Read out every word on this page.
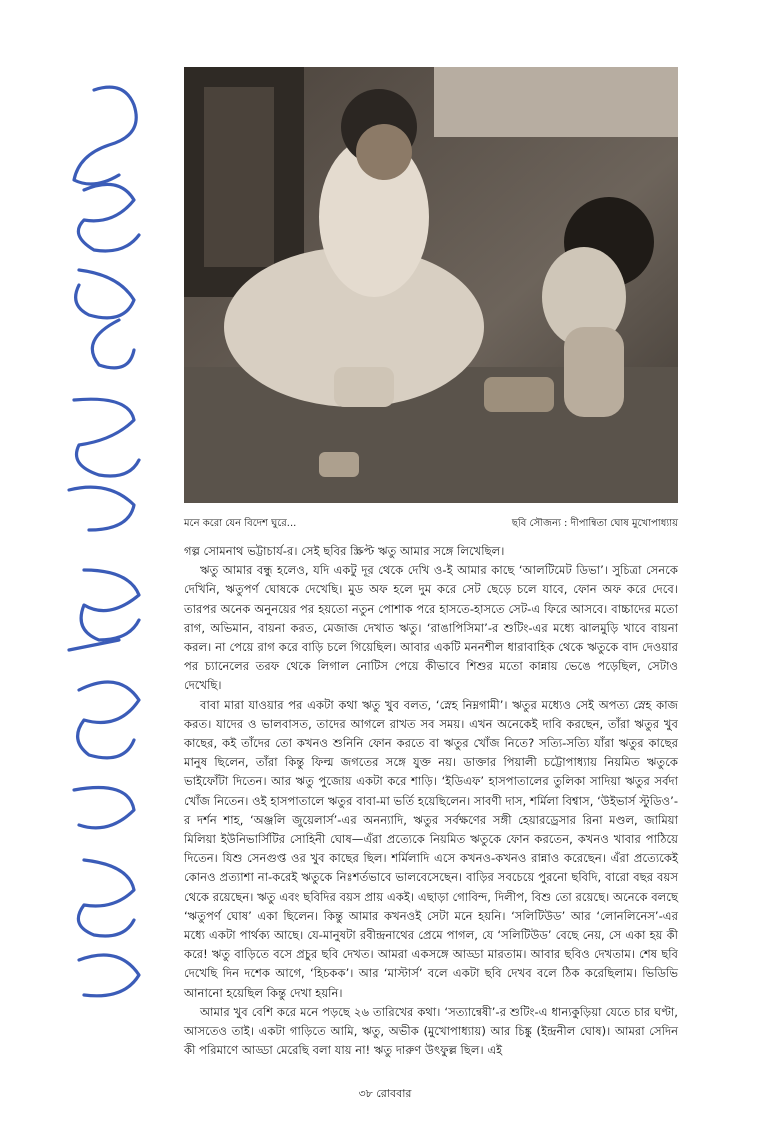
ঋতু সব সময় তুই এক তিন বিদেশে, তবে সত্যি তাম
মনে করো যেন বিদেশ ঘুরে...	ছবি সৌজন্য : দীপান্বিতা ঘোষ মুখোপাধ্যায়

গল্প সোমনাথ ভট্টাচার্য-র। সেই ছবির স্ক্রিপ্ট ঋতু আমার সঙ্গে লিখেছিল।

ঋতু আমার বন্ধু হলেও, যদি একটু দূর থেকে দেখি ও-ই আমার কাছে ‘আলটিমেট ডিভা’। সুচিত্রা সেনকে দেখিনি, ঋতুপর্ণ ঘোষকে দেখেছি। মুড অফ হলে দুম করে সেট ছেড়ে চলে যাবে, ফোন অফ করে দেবে। তারপর অনেক অনুনয়ের পর হয়তো নতুন পোশাক পরে হাসতে-হাসতে সেট-এ ফিরে আসবে। বাচ্চাদের মতো রাগ, অভিমান, বায়না করত, মেজাজ দেখাত ঋতু। ‘রাঙাপিসিমা’-র শুটিং-এর মধ্যে ঝালমুড়ি খাবে বায়না করল। না পেয়ে রাগ করে বাড়ি চলে গিয়েছিল। আবার একটি মননশীল ধারাবাহিক থেকে ঋতুকে বাদ দেওয়ার পর চ্যানেলের তরফ থেকে লিগাল নোটিস পেয়ে কীভাবে শিশুর মতো কান্নায় ভেঙে পড়েছিল, সেটাও দেখেছি।

বাবা মারা যাওয়ার পর একটা কথা ঋতু খুব বলত, ‘স্নেহ নিম্নগামী’। ঋতুর মধ্যেও সেই অপত্য স্নেহ কাজ করত। যাদের ও ভালবাসত, তাদের আগলে রাখত সব সময়। এখন অনেকেই দাবি করছেন, তাঁরা ঋতুর খুব কাছের, কই তাঁদের তো কখনও শুনিনি ফোন করতে বা ঋতুর খোঁজ নিতে? সত্যি-সত্যি যাঁরা ঋতুর কাছের মানুষ ছিলেন, তাঁরা কিন্তু ফিল্ম জগতের সঙ্গে যুক্ত নয়। ডাক্তার পিয়ালী চট্টোপাধ্যায় নিয়মিত ঋতুকে ভাইফোঁটা দিতেন। আর ঋতু পুজোয় একটা করে শাড়ি। ‘ইডিএফ’ হাসপাতালের তুলিকা সাদিয়া ঋতুর সর্বদা খোঁজ নিতেন। ওই হাসপাতালে ঋতুর বাবা-মা ভর্তি হয়েছিলেন। সাবণী দাস, শর্মিলা বিশ্বাস, ‘উইভার্স স্টুডিও’-র দর্শন শাহ, ‘অঞ্জলি জুয়েলার্স’-এর অনন্যাদি, ঋতুর সর্বক্ষণের সঙ্গী হেয়ারড্রেসার রিনা মণ্ডল, জামিয়া মিলিয়া ইউনিভার্সিটির সোহিনী ঘোষ—এঁরা প্রত্যেকে নিয়মিত ঋতুকে ফোন করতেন, কখনও খাবার পাঠিয়ে দিতেন। যিশু সেনগুপ্ত ওর খুব কাছের ছিল। শর্মিলাদি এসে কখনও-কখনও রান্নাও করেছেন। এঁরা প্রত্যেকেই কোনও প্রত্যাশা না-করেই ঋতুকে নিঃশর্তভাবে ভালবেসেছেন। বাড়ির সবচেয়ে পুরনো ছবিদি, বারো বছর বয়স থেকে রয়েছেন। ঋতু এবং ছবিদির বয়স প্রায় একই। এছাড়া গোবিন্দ, দিলীপ, বিশু তো রয়েছে। অনেকে বলছে ‘ঋতুপর্ণ ঘোষ’ একা ছিলেন। কিন্তু আমার কখনওই সেটা মনে হয়নি। ‘সলিটিউড’ আর ‘লোনলিনেস’-এর মধ্যে একটা পার্থক্য আছে। যে-মানুষটা রবীন্দ্রনাথের প্রেমে পাগল, যে ‘সলিটিউড’ বেছে নেয়, সে একা হয় কী করে! ঋতু বাড়িতে বসে প্রচুর ছবি দেখত। আমরা একসঙ্গে আড্ডা মারতাম। আবার ছবিও দেখতাম। শেষ ছবি দেখেছি দিন দশেক আগে, ‘হিচকক’। আর ‘মাস্টার্স’ বলে একটা ছবি দেখব বলে ঠিক করেছিলাম। ভিডিভি আনানো হয়েছিল কিন্তু দেখা হয়নি।

আমার খুব বেশি করে মনে পড়ছে ২৬ তারিখের কথা। ‘সত্যান্বেষী’-র শুটিং-এ ধান্যকুড়িয়া যেতে চার ঘণ্টা, আসতেও তাই। একটা গাড়িতে আমি, ঋতু, অভীক (মুখোপাধ্যায়) আর চিঙ্কু (ইন্দ্রনীল ঘোষ)। আমরা সেদিন কী পরিমাণে আড্ডা মেরেছি বলা যায় না! ঋতু দারুণ উৎফুল্ল ছিল। এই

৩৮ রোববার
